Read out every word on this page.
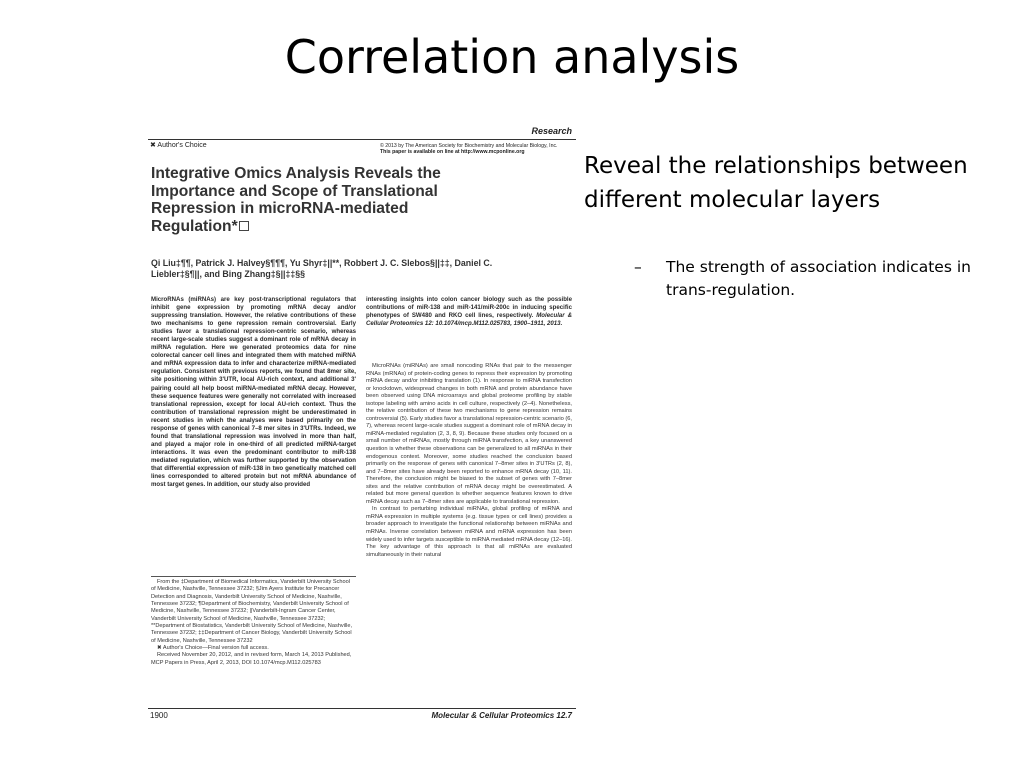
Correlation analysis
Research
✖ Author's Choice	© 2013 by The American Society for Biochemistry and Molecular Biology, Inc.
This paper is available on line at http://www.mcponline.org
Integrative Omics Analysis Reveals the Importance and Scope of Translational Repression in microRNA-mediated Regulation*
Qi Liu‡¶¶, Patrick J. Halvey§¶¶¶, Yu Shyr‡||**, Robbert J. C. Slebos§||‡‡, Daniel C. Liebler‡§¶||, and Bing Zhang‡§||‡‡§§
MicroRNAs (miRNAs) are key post-transcriptional regulators that inhibit gene expression by promoting mRNA decay and/or suppressing translation. However, the relative contributions of these two mechanisms to gene repression remain controversial. Early studies favor a translational repression-centric scenario, whereas recent large-scale studies suggest a dominant role of mRNA decay in miRNA regulation. Here we generated proteomics data for nine colorectal cancer cell lines and integrated them with matched miRNA and mRNA expression data to infer and characterize miRNA-mediated regulation. Consistent with previous reports, we found that 8mer site, site positioning within 3'UTR, local AU-rich context, and additional 3' pairing could all help boost miRNA-mediated mRNA decay. However, these sequence features were generally not correlated with increased translational repression, except for local AU-rich context. Thus the contribution of translational repression might be underestimated in recent studies in which the analyses were based primarily on the response of genes with canonical 7–8 mer sites in 3'UTRs. Indeed, we found that translational repression was involved in more than half, and played a major role in one-third of all predicted miRNA-target interactions. It was even the predominant contributor to miR-138 mediated regulation, which was further supported by the observation that differential expression of miR-138 in two genetically matched cell lines corresponded to altered protein but not mRNA abundance of most target genes. In addition, our study also provided
interesting insights into colon cancer biology such as the possible contributions of miR-138 and miR-141/miR-200c in inducing specific phenotypes of SW480 and RKO cell lines, respectively. Molecular & Cellular Proteomics 12: 10.1074/mcp.M112.025783, 1900–1911, 2013.

MicroRNAs (miRNAs) are small noncoding RNAs that pair to the messenger RNAs (mRNAs) of protein-coding genes to repress their expression by promoting mRNA decay and/or inhibiting translation (1). In response to miRNA transfection or knockdown, widespread changes in both mRNA and protein abundance have been observed using DNA microarrays and global proteome profiling by stable isotope labeling with amino acids in cell culture, respectively (2–4). Nonetheless, the relative contribution of these two mechanisms to gene repression remains controversial (5). Early studies favor a translational repression-centric scenario (6, 7), whereas recent large-scale studies suggest a dominant role of mRNA decay in miRNA-mediated regulation (2, 3, 8, 9). Because these studies only focused on a small number of miRNAs, mostly through miRNA transfection, a key unanswered question is whether these observations can be generalized to all miRNAs in their endogenous context. Moreover, some studies reached the conclusion based primarily on the response of genes with canonical 7–8mer sites in 3'UTRs (2, 8), and 7–8mer sites have already been reported to enhance mRNA decay (10, 11). Therefore, the conclusion might be biased to the subset of genes with 7–8mer sites and the relative contribution of mRNA decay might be overestimated. A related but more general question is whether sequence features known to drive mRNA decay such as 7–8mer sites are applicable to translational repression.

In contrast to perturbing individual miRNAs, global profiling of miRNA and mRNA expression in multiple systems (e.g. tissue types or cell lines) provides a broader approach to investigate the functional relationship between miRNAs and mRNAs. Inverse correlation between miRNA and mRNA expression has been widely used to infer targets susceptible to miRNA mediated mRNA decay (12–16). The key advantage of this approach is that all miRNAs are evaluated simultaneously in their natural

From the ‡Department of Biomedical Informatics, Vanderbilt University School of Medicine, Nashville, Tennessee 37232; §Jim Ayers Institute for Precancer Detection and Diagnosis, Vanderbilt University School of Medicine, Nashville, Tennessee 37232; ¶Department of Biochemistry, Vanderbilt University School of Medicine, Nashville, Tennessee 37232; ||Vanderbilt-Ingram Cancer Center, Vanderbilt University School of Medicine, Nashville, Tennessee 37232; **Department of Biostatistics, Vanderbilt University School of Medicine, Nashville, Tennessee 37232; ‡‡Department of Cancer Biology, Vanderbilt University School of Medicine, Nashville, Tennessee 37232

✖ Author's Choice—Final version full access.

Received November 20, 2012, and in revised form, March 14, 2013 Published, MCP Papers in Press, April 2, 2013, DOI 10.1074/mcp.M112.025783

1900	Molecular & Cellular Proteomics 12.7
Reveal the relationships between different molecular layers
– The strength of association indicates in trans-regulation.
